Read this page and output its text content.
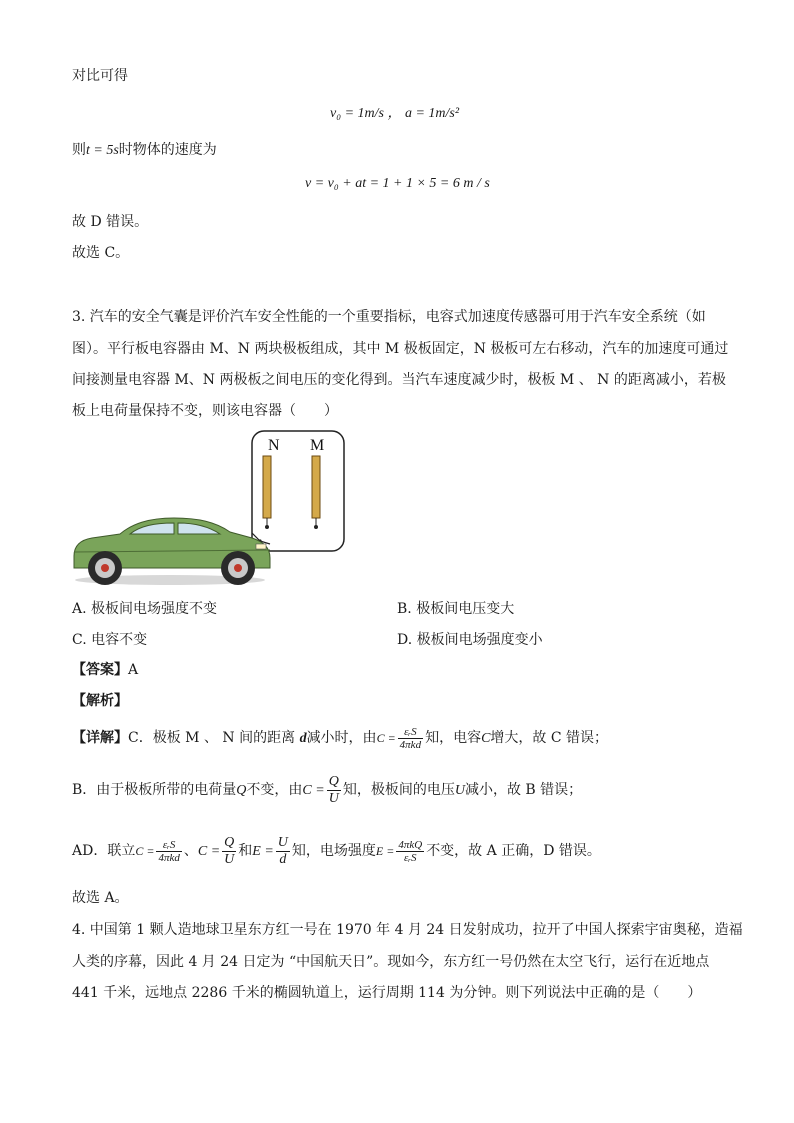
对比可得
v₀ = 1m/s ， a = 1m/s²
则t = 5s时物体的速度为
v = v₀ + at = 1 + 1 × 5 = 6 m / s
故 D 错误。
故选 C。
3. 汽车的安全气囊是评价汽车安全性能的一个重要指标，电容式加速度传感器可用于汽车安全系统（如
图）。平行板电容器由 M、N 两块极板组成，其中 M 极板固定，N 极板可左右移动，汽车的加速度可通过
间接测量电容器 M、N 两极板之间电压的变化得到。当汽车速度减少时，极板 M 、 N 的距离减小，若极
板上电荷量保持不变，则该电容器（　　）
N M
A. 极板间电场强度不变	B. 极板间电压变大
C. 电容不变	D. 极板间电场强度变小
【答案】A
【解析】
【详解】C．极板 M 、 N 间的距离 d减小时，由$C = \frac{\text{εᵣS}}{\text{4πkd}}$ 知，电容C增大，故 C 错误；
B．由于极板所带的电荷量Q不变，由$C = \frac{Q}{U}$ 知，极板间的电压U减小，故 B 错误；
AD．联立$C = \frac{\text{εᵣS}}{\text{4πkd}}$ 、$C = \frac{Q}{U}$ 和$E = \frac{U}{d}$ 知，电场强度$E = \frac{\text{4πkQ}}{\text{εᵣS}}$ 不变，故 A 正确，D 错误。
故选 A。
4. 中国第 1 颗人造地球卫星东方红一号在 1970 年 4 月 24 日发射成功，拉开了中国人探索宇宙奥秘，造福
人类的序幕，因此 4 月 24 日定为 “中国航天日”。现如今，东方红一号仍然在太空飞行，运行在近地点
441 千米，远地点 2286 千米的椭圆轨道上，运行周期 114 为分钟。则下列说法中正确的是（　　）
